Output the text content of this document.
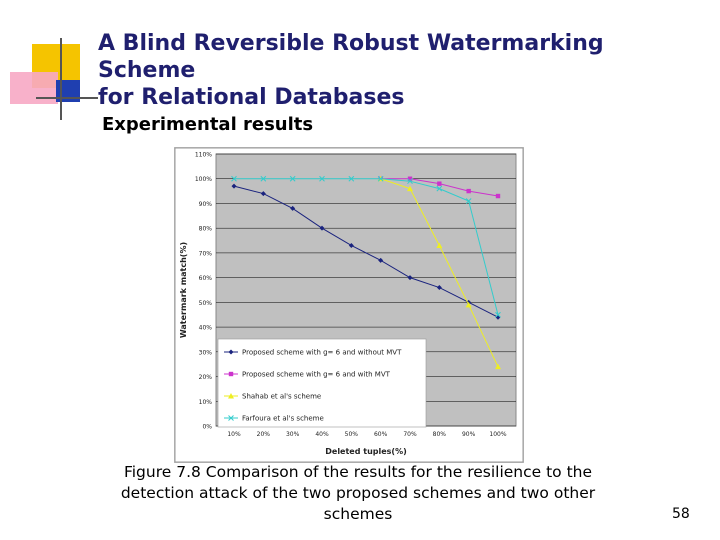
A Blind Reversible Robust Watermarking Scheme
for Relational Databases
Experimental results
0%
10%
20%
30%
40%
50%
60%
70%
80%
90%
100%
110%
10%	20%	30%	40%	50%	60%	70%	80%	90% 100%
Proposed scheme with g= 6 and without MVT
Proposed scheme with g= 6 and with MVT
Shahab et al's scheme
Farfoura et al's scheme
Watermark match(%)
Deleted tuples(%)
Figure 7.8 Comparison of the results for the resilience to the detection attack of the two proposed schemes and two other schemes	58
